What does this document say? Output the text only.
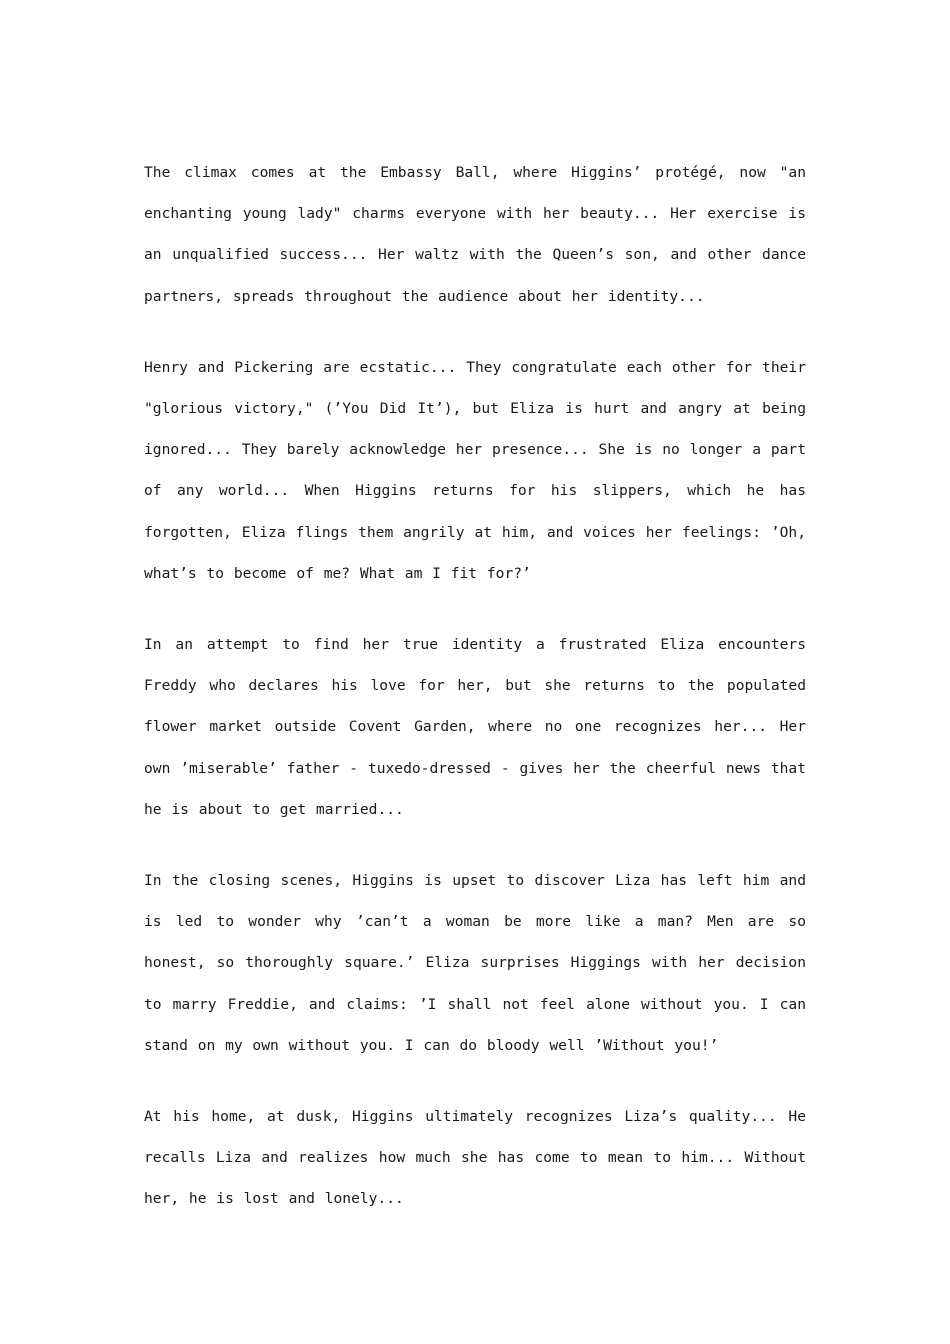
The climax comes at the Embassy Ball, where Higgins’ protégé, now "an enchanting young lady" charms everyone with her beauty... Her exercise is an unqualified success... Her waltz with the Queen’s son, and other dance partners, spreads throughout the audience about her identity...

Henry and Pickering are ecstatic... They congratulate each other for their "glorious victory," (’You Did It’), but Eliza is hurt and angry at being ignored... They barely acknowledge her presence... She is no longer a part of any world... When Higgins returns for his slippers, which he has forgotten, Eliza flings them angrily at him, and voices her feelings: ’Oh, what’s to become of me? What am I fit for?’

In an attempt to find her true identity a frustrated Eliza encounters Freddy who declares his love for her, but she returns to the populated flower market outside Covent Garden, where no one recognizes her... Her own ’miserable’ father - tuxedo-dressed - gives her the cheerful news that he is about to get married...

In the closing scenes, Higgins is upset to discover Liza has left him and is led to wonder why ’can’t a woman be more like a man? Men are so honest, so thoroughly square.’ Eliza surprises Higgings with her decision to marry Freddie, and claims: ’I shall not feel alone without you. I can stand on my own without you. I can do bloody well ’Without you!’

At his home, at dusk, Higgins ultimately recognizes Liza’s quality... He recalls Liza and realizes how much she has come to mean to him... Without her, he is lost and lonely...
